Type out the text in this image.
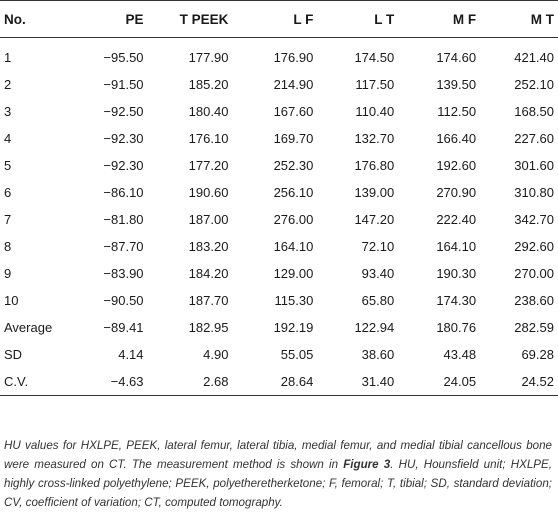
No.	PE	T PEEK	L F	L T	M F	M T
1	−95.50	177.90	176.90	174.50	174.60	421.40
2	−91.50	185.20	214.90	117.50	139.50	252.10
3	−92.50	180.40	167.60	110.40	112.50	168.50
4	−92.30	176.10	169.70	132.70	166.40	227.60
5	−92.30	177.20	252.30	176.80	192.60	301.60
6	−86.10	190.60	256.10	139.00	270.90	310.80
7	−81.80	187.00	276.00	147.20	222.40	342.70
8	−87.70	183.20	164.10	72.10	164.10	292.60
9	−83.90	184.20	129.00	93.40	190.30	270.00
10	−90.50	187.70	115.30	65.80	174.30	238.60
Average	−89.41	182.95	192.19	122.94	180.76	282.59
SD	4.14	4.90	55.05	38.60	43.48	69.28
C.V.	−4.63	2.68	28.64	31.40	24.05	24.52
HU values for HXLPE, PEEK, lateral femur, lateral tibia, medial femur, and medial tibial cancellous bone were measured on CT. The measurement method is shown in Figure 3. HU, Hounsfield unit; HXLPE, highly cross-linked polyethylene; PEEK, polyetheretherketone; F, femoral; T, tibial; SD, standard deviation; CV, coefficient of variation; CT, computed tomography.
